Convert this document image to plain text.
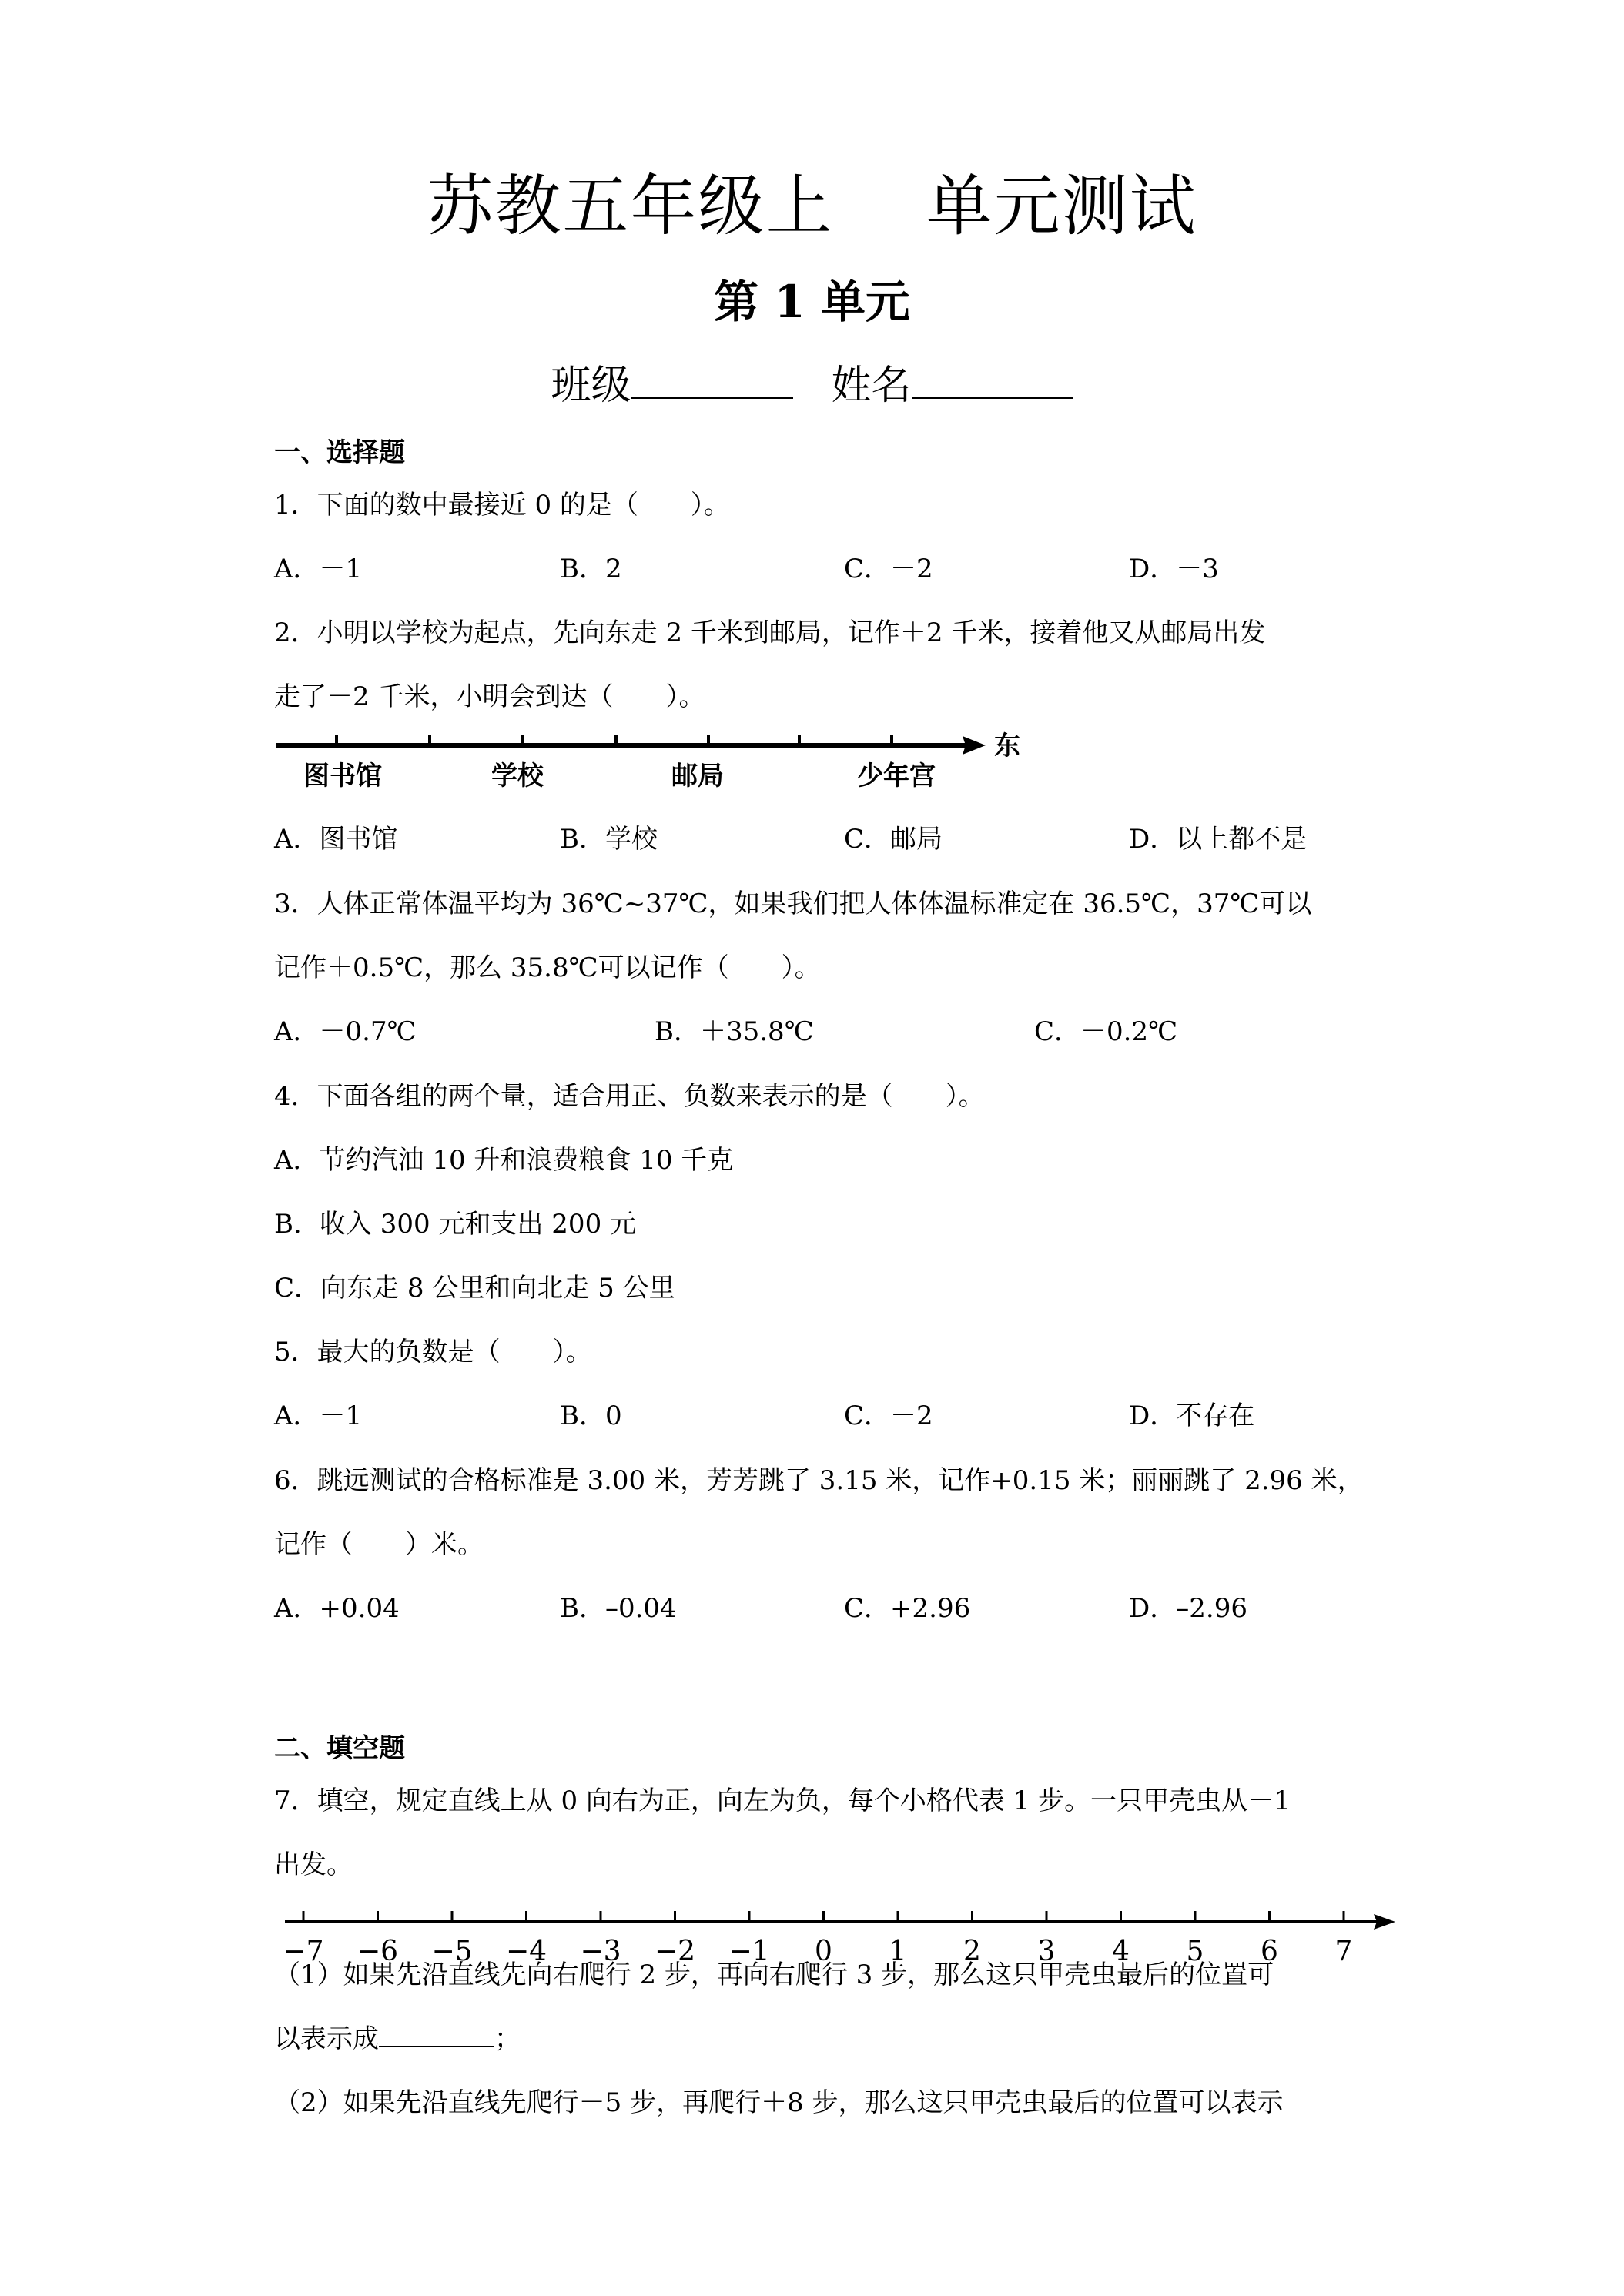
苏教五年级上 单元测试
第 1 单元
班级	姓名
一、选择题
1．下面的数中最接近 0 的是（　　）。
A．－1	B．2	C．－2	D．－3
2．小明以学校为起点，先向东走 2 千米到邮局，记作＋2 千米，接着他又从邮局出发
走了－2 千米，小明会到达（　　）。
图书馆	学校	邮局	少年宫
东
A．图书馆	B．学校	C．邮局	D．以上都不是
3．人体正常体温平均为 36℃~37℃，如果我们把人体体温标准定在 36.5℃，37℃可以
记作＋0.5℃，那么 35.8℃可以记作（　　）。
A．－0.7℃	B．＋35.8℃	C．－0.2℃
4．下面各组的两个量，适合用正、负数来表示的是（　　）。
A．节约汽油 10 升和浪费粮食 10 千克
B．收入 300 元和支出 200 元
C．向东走 8 公里和向北走 5 公里
5．最大的负数是（　　）。
A．－1	B．0	C．－2	D．不存在
6．跳远测试的合格标准是 3.00 米，芳芳跳了 3.15 米，记作+0.15 米；丽丽跳了 2.96 米，
记作（　　）米。
A．+0.04	B．–0.04	C．+2.96	D．–2.96
二、填空题
7．填空，规定直线上从 0 向右为正，向左为负，每个小格代表 1 步。一只甲壳虫从－1
出发。
−7 −6 −5 −4 −3 −2 −1 0 1 2 3 4 5 6 7
（1）如果先沿直线先向右爬行 2 步，再向右爬行 3 步，那么这只甲壳虫最后的位置可
以表示成	；
（2）如果先沿直线先爬行－5 步，再爬行＋8 步，那么这只甲壳虫最后的位置可以表示
